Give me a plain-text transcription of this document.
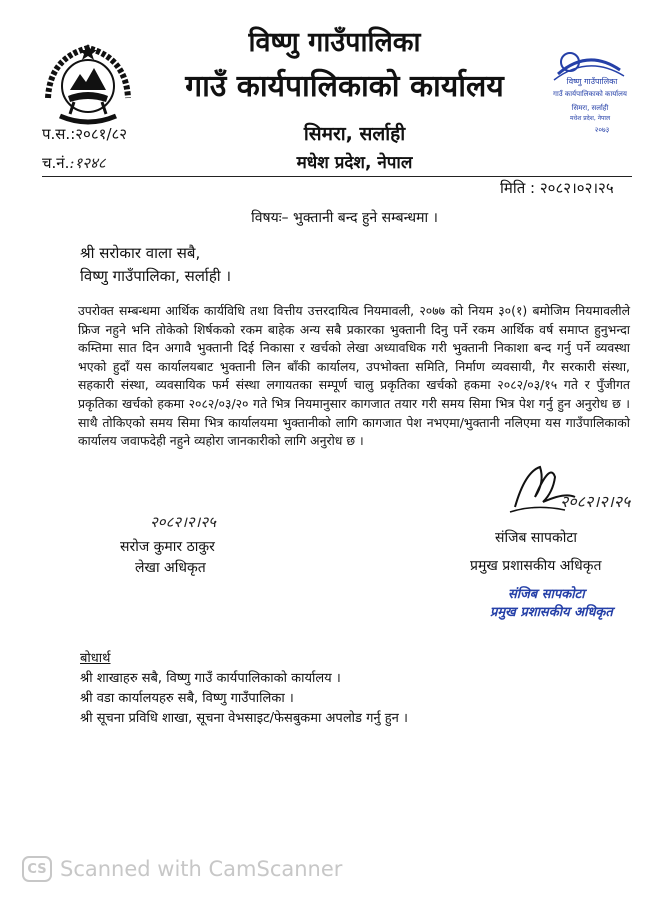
विष्णु गाउँपालिका
गाउँ कार्यपालिकाको कार्यालय
सिमरा, सर्लाही
मधेश प्रदेश, नेपाल
२०७३
विष्णु गाउँपालिका
गाउँ कार्यपालिकाको कार्यालय
सिमरा, सर्लाही
मधेश प्रदेश, नेपाल
प.स.:२०८१/८२
च.नं.:१२४८
मिति : २०८२।०२।२५
विषयः– भुक्तानी बन्द हुने सम्बन्धमा ।
श्री सरोकार वाला सबै,
विष्णु गाउँपालिका, सर्लाही ।
उपरोक्त सम्बन्धमा आर्थिक कार्यविधि तथा वित्तीय उत्तरदायित्व नियमावली, २०७७ को नियम ३०(१) बमोजिम नियमावलीले फ्रिज नहुने भनि तोकेको शिर्षकको रकम बाहेक अन्य सबै प्रकारका भुक्तानी दिनु पर्ने रकम आर्थिक वर्ष समाप्त हुनुभन्दा कम्तिमा सात दिन अगावै भुक्तानी दिई निकासा र खर्चको लेखा अध्यावधिक गरी भुक्तानी निकाशा बन्द गर्नु पर्ने व्यवस्था भएको हुदाँ यस कार्यालयबाट भुक्तानी लिन बाँकी कार्यालय, उपभोक्ता समिति, निर्माण व्यवसायी, गैर सरकारी संस्था, सहकारी संस्था, व्यवसायिक फर्म संस्था लगायतका सम्पूर्ण चालु प्रकृतिका खर्चको हकमा २०८२/०३/१५ गते र पुँजीगत प्रकृतिका खर्चको हकमा २०८२/०३/२० गते भित्र नियमानुसार कागजात तयार गरी समय सिमा भित्र पेश गर्नु हुन अनुरोध छ । साथै तोकिएको समय सिमा भित्र कार्यालयमा भुक्तानीको लागि कागजात पेश नभएमा/भुक्तानी नलिएमा यस गाउँपालिकाको कार्यालय जवाफदेही नहुने व्यहोरा जानकारीको लागि अनुरोध छ ।
२०८२।२।२५
सरोज कुमार ठाकुर
लेखा अधिकृत
२०८२।२।२५
संजिब सापकोटा
प्रमुख प्रशासकीय अधिकृत
संजिब सापकोटा
प्रमुख प्रशासकीय अधिकृत
बोधार्थ
श्री शाखाहरु सबै, विष्णु गाउँ कार्यपालिकाको कार्यालय ।
श्री वडा कार्यालयहरु सबै, विष्णु गाउँपालिका ।
श्री सूचना प्रविधि शाखा, सूचना वेभसाइट/फेसबुकमा अपलोड गर्नु हुन ।
CS Scanned with CamScanner
